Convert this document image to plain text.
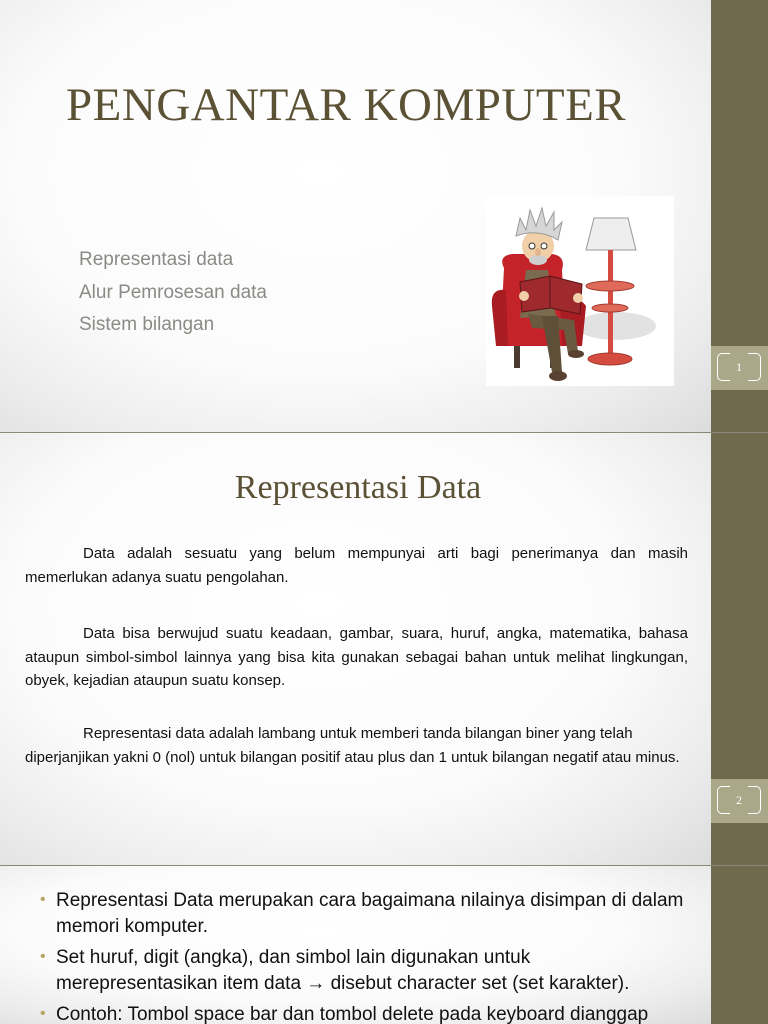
1
PENGANTAR KOMPUTER
Representasi data
Alur Pemrosesan data
Sistem bilangan
2
Representasi Data

Data adalah sesuatu yang belum mempunyai arti bagi penerimanya dan masih memerlukan adanya suatu pengolahan.

Data bisa berwujud suatu keadaan, gambar, suara, huruf, angka, matematika, bahasa ataupun simbol-simbol lainnya yang bisa kita gunakan sebagai bahan untuk melihat lingkungan, obyek, kejadian ataupun suatu konsep.

Representasi data adalah lambang untuk memberi tanda bilangan biner yang telah diperjanjikan yakni 0 (nol) untuk bilangan positif atau plus dan 1 untuk bilangan negatif atau minus.

• Representasi Data merupakan cara bagaimana nilainya disimpan di dalam memori komputer.
• Set huruf, digit (angka), dan simbol lain digunakan untuk merepresentasikan item data → disebut character set (set karakter).
• Contoh: Tombol space bar dan tombol delete pada keyboard dianggap
